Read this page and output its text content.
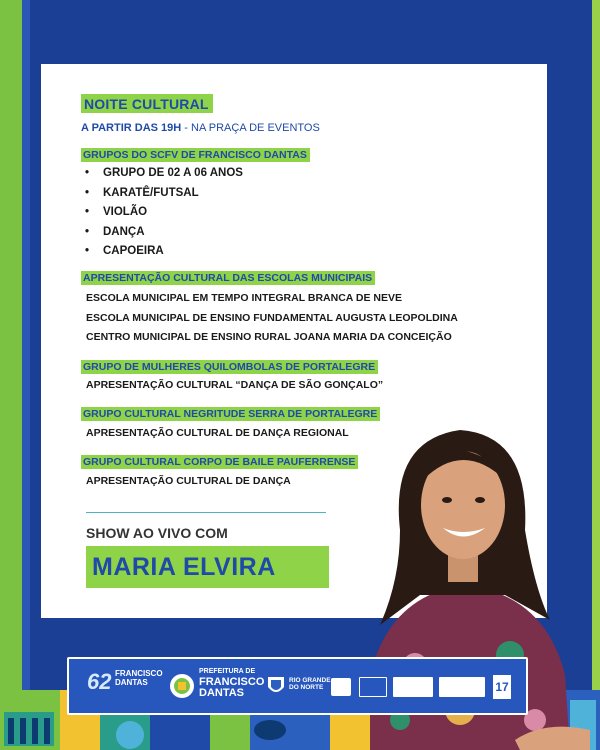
NOITE CULTURAL
A PARTIR DAS 19H - NA PRAÇA DE EVENTOS
GRUPOS DO SCFV DE FRANCISCO DANTAS
• GRUPO DE 02 A 06 ANOS
• KARATÊ/FUTSAL
• VIOLÃO
• DANÇA
• CAPOEIRA
APRESENTAÇÃO CULTURAL DAS ESCOLAS MUNICIPAIS
ESCOLA MUNICIPAL EM TEMPO INTEGRAL BRANCA DE NEVE
ESCOLA MUNICIPAL DE ENSINO FUNDAMENTAL AUGUSTA LEOPOLDINA
CENTRO MUNICIPAL DE ENSINO RURAL JOANA MARIA DA CONCEIÇÃO
GRUPO DE MULHERES QUILOMBOLAS DE PORTALEGRE
APRESENTAÇÃO CULTURAL “DANÇA DE SÃO GONÇALO”
GRUPO CULTURAL NEGRITUDE SERRA DE PORTALEGRE
APRESENTAÇÃO CULTURAL DE DANÇA REGIONAL
GRUPO CULTURAL CORPO DE BAILE PAUFERRENSE
APRESENTAÇÃO CULTURAL DE DANÇA
SHOW AO VIVO COM
MARIA ELVIRA
62 FRANCISCO
DANTAS
PREFEITURA DE
FRANCISCO
DANTAS
RIO GRANDE
DO NORTE	17
